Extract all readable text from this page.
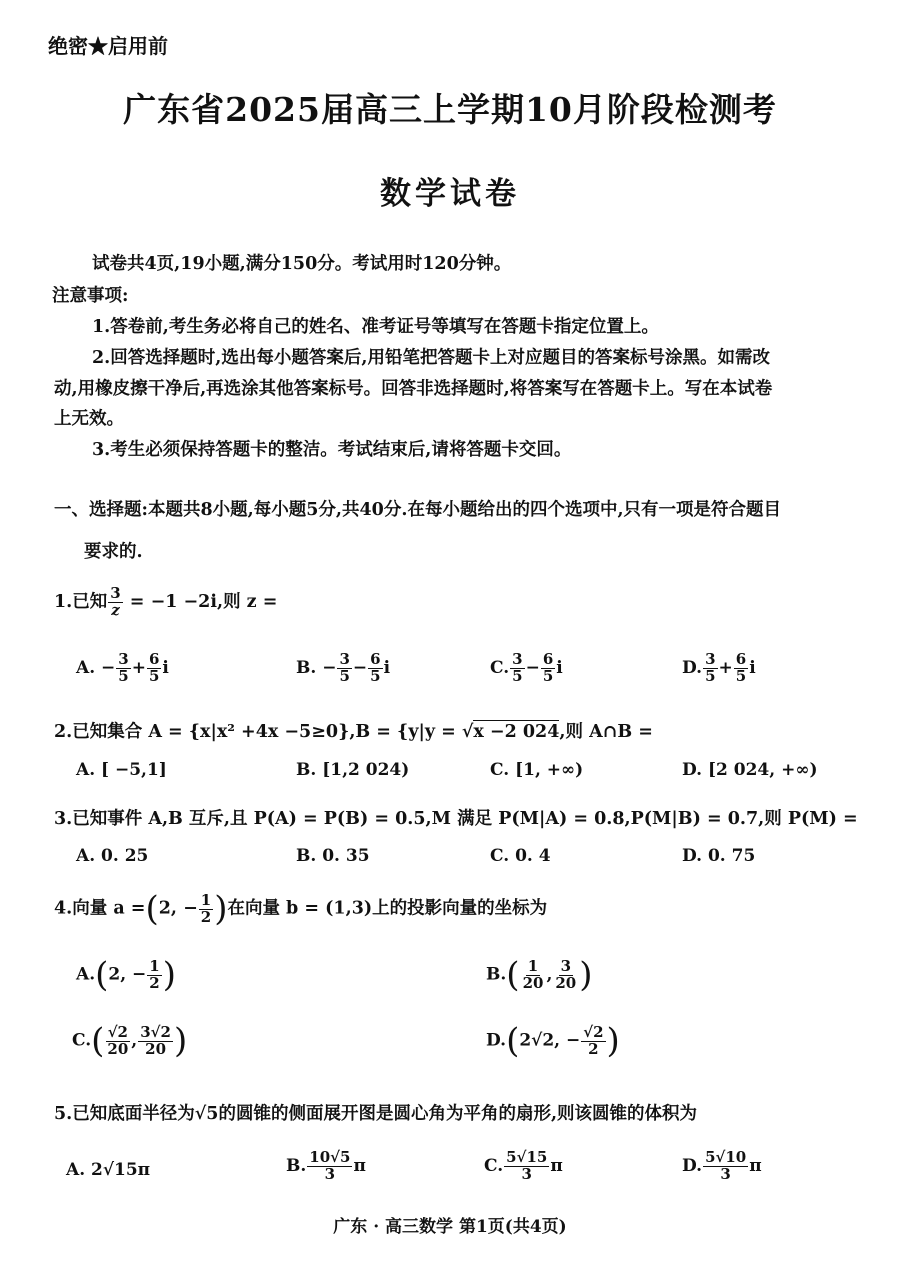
绝密★启用前
广东省2025届高三上学期10月阶段检测考
数学试卷
试卷共4页,19小题,满分150分。考试用时120分钟。
注意事项:
1.答卷前,考生务必将自己的姓名、准考证号等填写在答题卡指定位置上。
2.回答选择题时,选出每小题答案后,用铅笔把答题卡上对应题目的答案标号涂黑。如需改
动,用橡皮擦干净后,再选涂其他答案标号。回答非选择题时,将答案写在答题卡上。写在本试卷
上无效。
3.考生必须保持答题卡的整洁。考试结束后,请将答题卡交回。
一、选择题:本题共8小题,每小题5分,共40分.在每小题给出的四个选项中,只有一项是符合题目
要求的.
1.已知 $\frac{3}{z} = -1 -2i$,则 z =
A. − $\frac{3}{5} + \frac{6}{5}$ i	B. − $\frac{3}{5} - \frac{6}{5}$ i	C. $\frac{3}{5} - \frac{6}{5}$ i	D. $\frac{3}{5} + \frac{6}{5}$ i
2.已知集合 A = {x|x² +4x −5≥0},B = {y|y = √x −2 024,则 A∩B =
A. [ −5,1]	B. [1,2 024)	C. [1, +∞)	D. [2 024, +∞)
3.已知事件 A,B 互斥,且 P(A) = P(B) = 0.5,M 满足 P(M|A) = 0.8,P(M|B) = 0.7,则 P(M) =
A. 0. 25	B. 0. 35	C. 0. 4	D. 0. 75
4.向量 a =(2, − $\frac{1}{2}$ )在向量 b = (1,3)上的投影向量的坐标为
A.(2, − $\frac{1}{2}$ )	$B.( \frac{1}{20}$ , $\frac{3}{20}$ )
$C.( \frac{√2}{20}$ , $\frac{3√2}{20}$ )	D.(2√2, − $\frac{√2}{2}$ )
5.已知底面半径为√5的圆锥的侧面展开图是圆心角为平角的扇形,则该圆锥的体积为
A. 2√15π	B. $\frac{10√5}{3}$ π	C. $\frac{5√15}{3}$ π	D. $\frac{5√10}{3}$ π
广东 · 高三数学 第1页(共4页)
